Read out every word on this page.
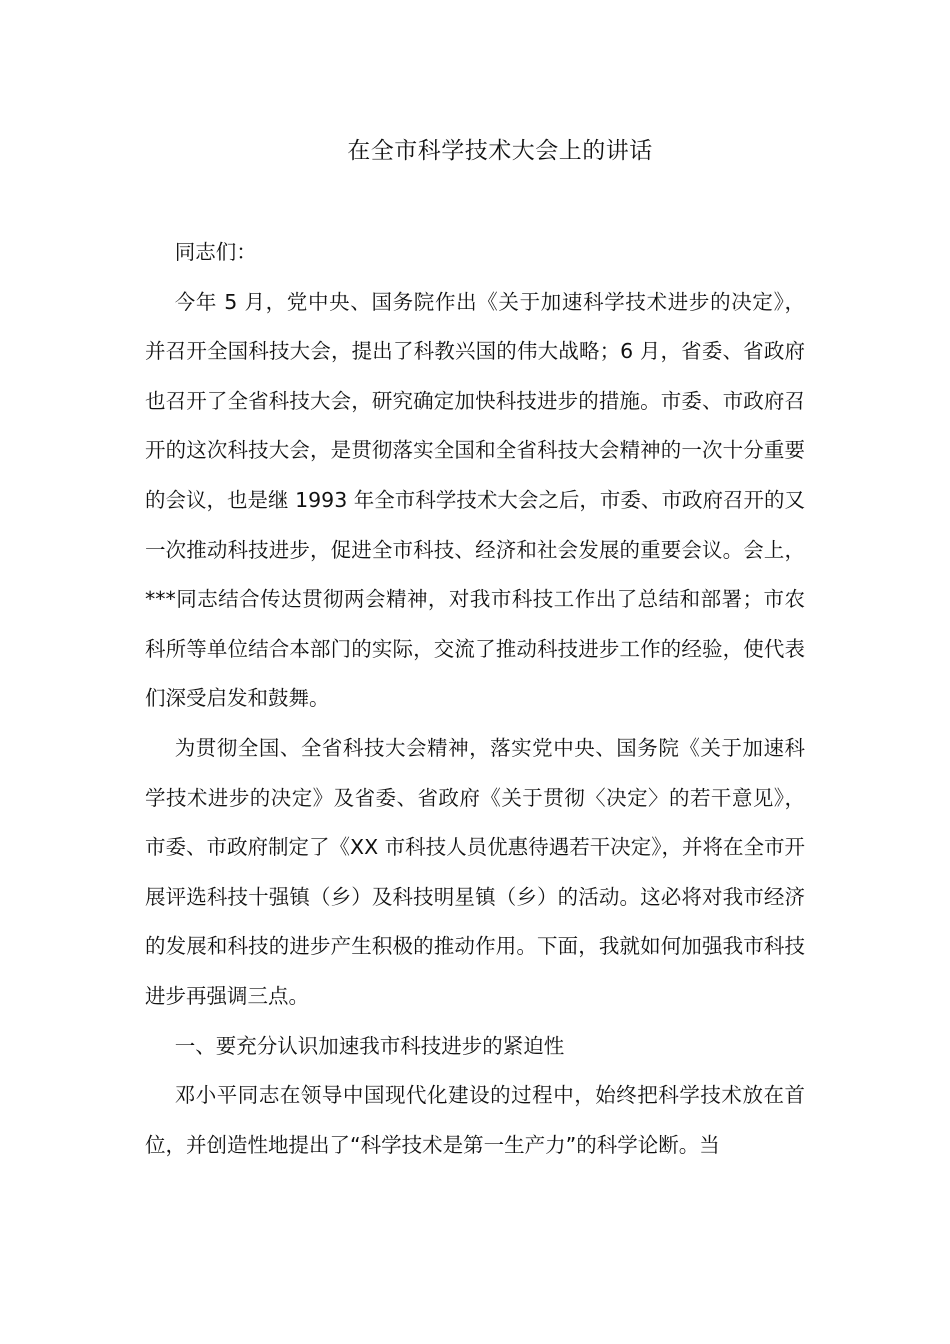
在全市科学技术大会上的讲话

同志们：

今年 5 月，党中央、国务院作出《关于加速科学技术进步的决定》，并召开全国科技大会，提出了科教兴国的伟大战略；6 月，省委、省政府也召开了全省科技大会，研究确定加快科技进步的措施。市委、市政府召开的这次科技大会，是贯彻落实全国和全省科技大会精神的一次十分重要的会议，也是继 1993 年全市科学技术大会之后，市委、市政府召开的又一次推动科技进步，促进全市科技、经济和社会发展的重要会议。会上，***同志结合传达贯彻两会精神，对我市科技工作出了总结和部署；市农科所等单位结合本部门的实际，交流了推动科技进步工作的经验，使代表们深受启发和鼓舞。

为贯彻全国、全省科技大会精神，落实党中央、国务院《关于加速科学技术进步的决定》及省委、省政府《关于贯彻〈决定〉的若干意见》，市委、市政府制定了《XX 市科技人员优惠待遇若干决定》，并将在全市开展评选科技十强镇（乡）及科技明星镇（乡）的活动。这必将对我市经济的发展和科技的进步产生积极的推动作用。下面，我就如何加强我市科技进步再强调三点。

一、要充分认识加速我市科技进步的紧迫性

邓小平同志在领导中国现代化建设的过程中，始终把科学技术放在首位，并创造性地提出了“科学技术是第一生产力”的科学论断。当
